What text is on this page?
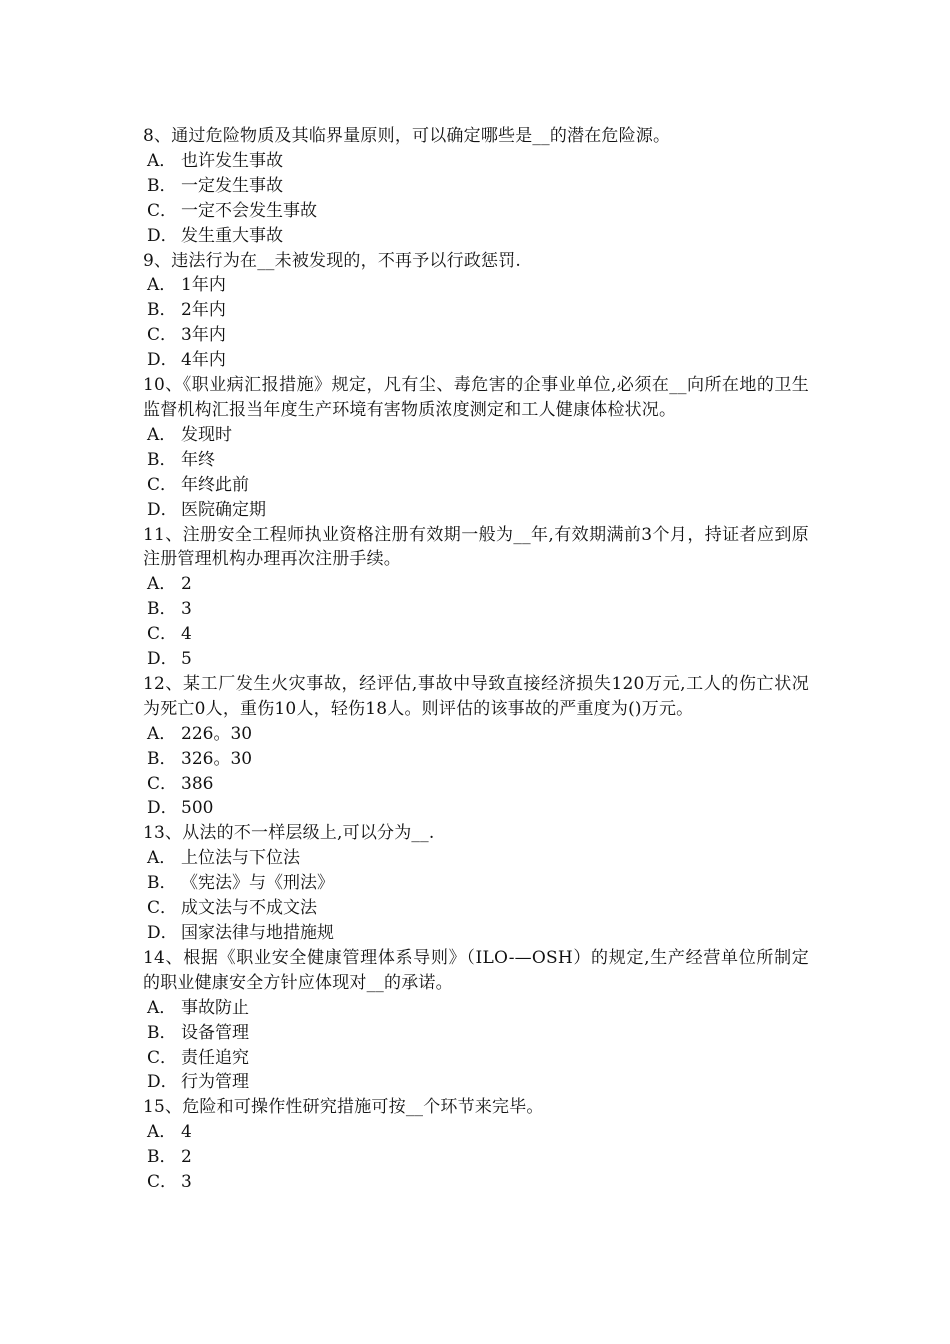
8、通过危险物质及其临界量原则，可以确定哪些是__的潜在危险源。

A． 也许发生事故

B． 一定发生事故

C． 一定不会发生事故

D． 发生重大事故

9、违法行为在__未被发现的，不再予以行政惩罚.

A． 1年内

B． 2年内

C． 3年内

D． 4年内

10、《职业病汇报措施》规定，凡有尘、毒危害的企事业单位,必须在__向所在地的卫生监督机构汇报当年度生产环境有害物质浓度测定和工人健康体检状况。

A． 发现时

B． 年终

C． 年终此前

D． 医院确定期

11、注册安全工程师执业资格注册有效期一般为__年,有效期满前3个月，持证者应到原注册管理机构办理再次注册手续。

A． 2

B． 3

C． 4

D． 5

12、某工厂发生火灾事故，经评估,事故中导致直接经济损失120万元,工人的伤亡状况为死亡0人，重伤10人，轻伤18人。则评估的该事故的严重度为()万元。

A． 226。30

B． 326。30

C． 386

D． 500

13、从法的不一样层级上,可以分为__.

A． 上位法与下位法

B． 《宪法》与《刑法》

C． 成文法与不成文法

D． 国家法律与地措施规

14、根据《职业安全健康管理体系导则》（ILO-—OSH）的规定,生产经营单位所制定的职业健康安全方针应体现对__的承诺。

A． 事故防止

B． 设备管理

C． 责任追究

D． 行为管理

15、危险和可操作性研究措施可按__个环节来完毕。

A． 4

B． 2

C． 3
